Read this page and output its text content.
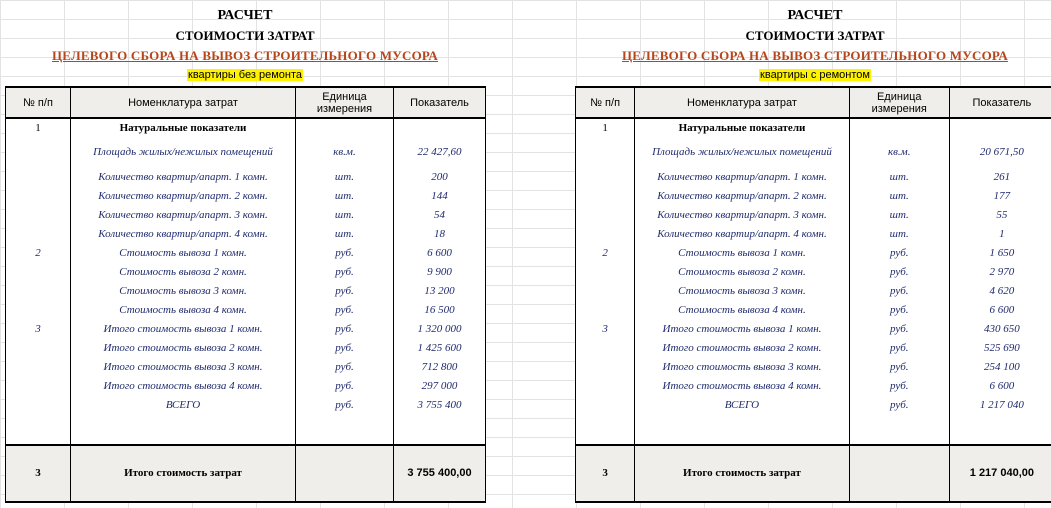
РАСЧЕТ
СТОИМОСТИ ЗАТРАТ
ЦЕЛЕВОГО СБОРА НА ВЫВОЗ СТРОИТЕЛЬНОГО МУСОРА
квартиры без ремонта
№ п/п	Номенклатура затрат	Единица измерения	Показатель
1	Натуральные показатели		
	Площадь жилых/нежилых помещений	кв.м.	22 427,60
	Количество квартир/апарт. 1 комн.	шт.	200
	Количество квартир/апарт. 2 комн.	шт.	144
	Количество квартир/апарт. 3 комн.	шт.	54
	Количество квартир/апарт. 4 комн.	шт.	18
2	Стоимость вывоза 1 комн.	руб.	6 600
	Стоимость вывоза 2 комн.	руб.	9 900
	Стоимость вывоза 3 комн.	руб.	13 200
	Стоимость вывоза 4 комн.	руб.	16 500
3	Итого стоимость вывоза 1 комн.	руб.	1 320 000
	Итого стоимость вывоза 2 комн.	руб.	1 425 600
	Итого стоимость вывоза 3 комн.	руб.	712 800
	Итого стоимость вывоза 4 комн.	руб.	297 000
	ВСЕГО	руб.	3 755 400

3	Итого стоимость затрат		3 755 400,00
РАСЧЕТ
СТОИМОСТИ ЗАТРАТ
ЦЕЛЕВОГО СБОРА НА ВЫВОЗ СТРОИТЕЛЬНОГО МУСОРА
квартиры с ремонтом
№ п/п	Номенклатура затрат	Единица измерения	Показатель
1	Натуральные показатели		
	Площадь жилых/нежилых помещений	кв.м.	20 671,50
	Количество квартир/апарт. 1 комн.	шт.	261
	Количество квартир/апарт. 2 комн.	шт.	177
	Количество квартир/апарт. 3 комн.	шт.	55
	Количество квартир/апарт. 4 комн.	шт.	1
2	Стоимость вывоза 1 комн.	руб.	1 650
	Стоимость вывоза 2 комн.	руб.	2 970
	Стоимость вывоза 3 комн.	руб.	4 620
	Стоимость вывоза 4 комн.	руб.	6 600
3	Итого стоимость вывоза 1 комн.	руб.	430 650
	Итого стоимость вывоза 2 комн.	руб.	525 690
	Итого стоимость вывоза 3 комн.	руб.	254 100
	Итого стоимость вывоза 4 комн.	руб.	6 600
	ВСЕГО	руб.	1 217 040

3	Итого стоимость затрат		1 217 040,00
